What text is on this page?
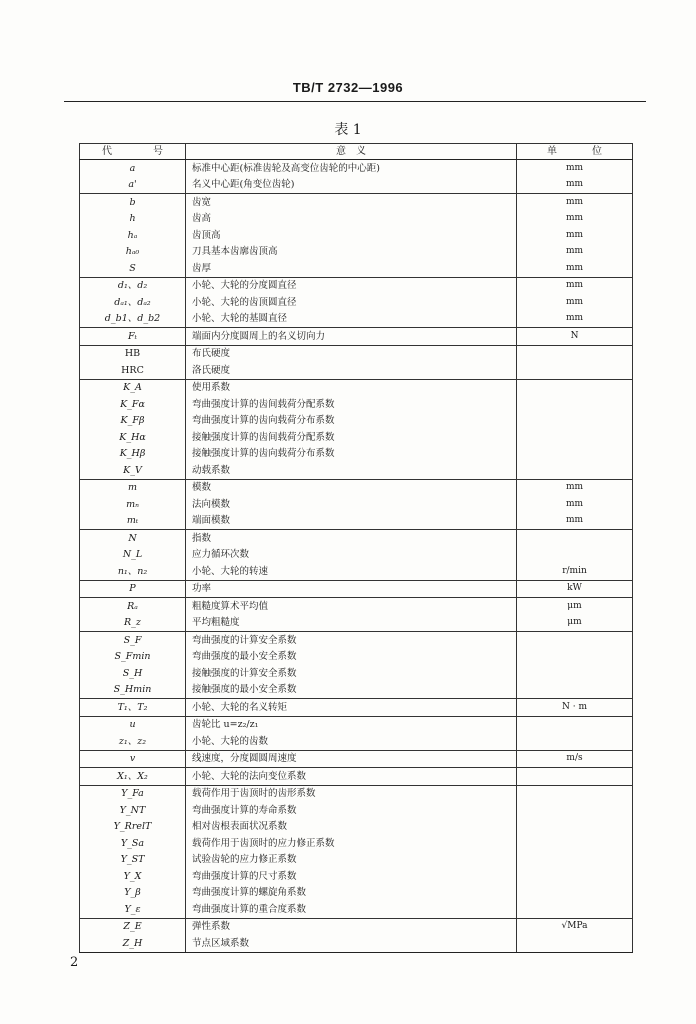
TB/T 2732—1996
表 1
代 号	意 义	单 位

a	标准中心距(标准齿轮及高变位齿轮的中心距)	mm
a'	名义中心距(角变位齿轮)	mm
b	齿宽	mm
h	齿高	mm
hₐ	齿顶高	mm
hₐ₀	刀具基本齿廓齿顶高	mm
S	齿厚	mm
d₁、d₂	小轮、大轮的分度圆直径	mm
dₐ₁、dₐ₂	小轮、大轮的齿顶圆直径	mm
d_b1、d_b2	小轮、大轮的基圆直径	mm
Fₜ	端面内分度圆周上的名义切向力	N
HB	布氏硬度	
HRC	洛氏硬度	
K_A	使用系数	
K_Fα	弯曲强度计算的齿间载荷分配系数	
K_Fβ	弯曲强度计算的齿向载荷分布系数	
K_Hα	接触强度计算的齿间载荷分配系数	
K_Hβ	接触强度计算的齿向载荷分布系数	
K_V	动载系数	
m	模数	mm
mₙ	法向模数	mm
mₜ	端面模数	mm
N	指数	
N_L	应力循环次数	
n₁、n₂	小轮、大轮的转速	r/min
P	功率	kW
Rₐ	粗糙度算术平均值	μm
R_z	平均粗糙度	μm
S_F	弯曲强度的计算安全系数	
S_Fmin	弯曲强度的最小安全系数	
S_H	接触强度的计算安全系数	
S_Hmin	接触强度的最小安全系数	
T₁、T₂	小轮、大轮的名义转矩	N · m
u	齿轮比 u=z₂/z₁	
z₁、z₂	小轮、大轮的齿数	
v	线速度，分度圆圆周速度	m/s
X₁、X₂	小轮、大轮的法向变位系数	
Y_Fa	载荷作用于齿顶时的齿形系数	
Y_NT	弯曲强度计算的寿命系数	
Y_RrelT	相对齿根表面状况系数	
Y_Sa	载荷作用于齿顶时的应力修正系数	
Y_ST	试验齿轮的应力修正系数	
Y_X	弯曲强度计算的尺寸系数	
Y_β	弯曲强度计算的螺旋角系数	
Y_ε	弯曲强度计算的重合度系数	
Z_E	弹性系数	√MPa
Z_H	节点区域系数	
2
